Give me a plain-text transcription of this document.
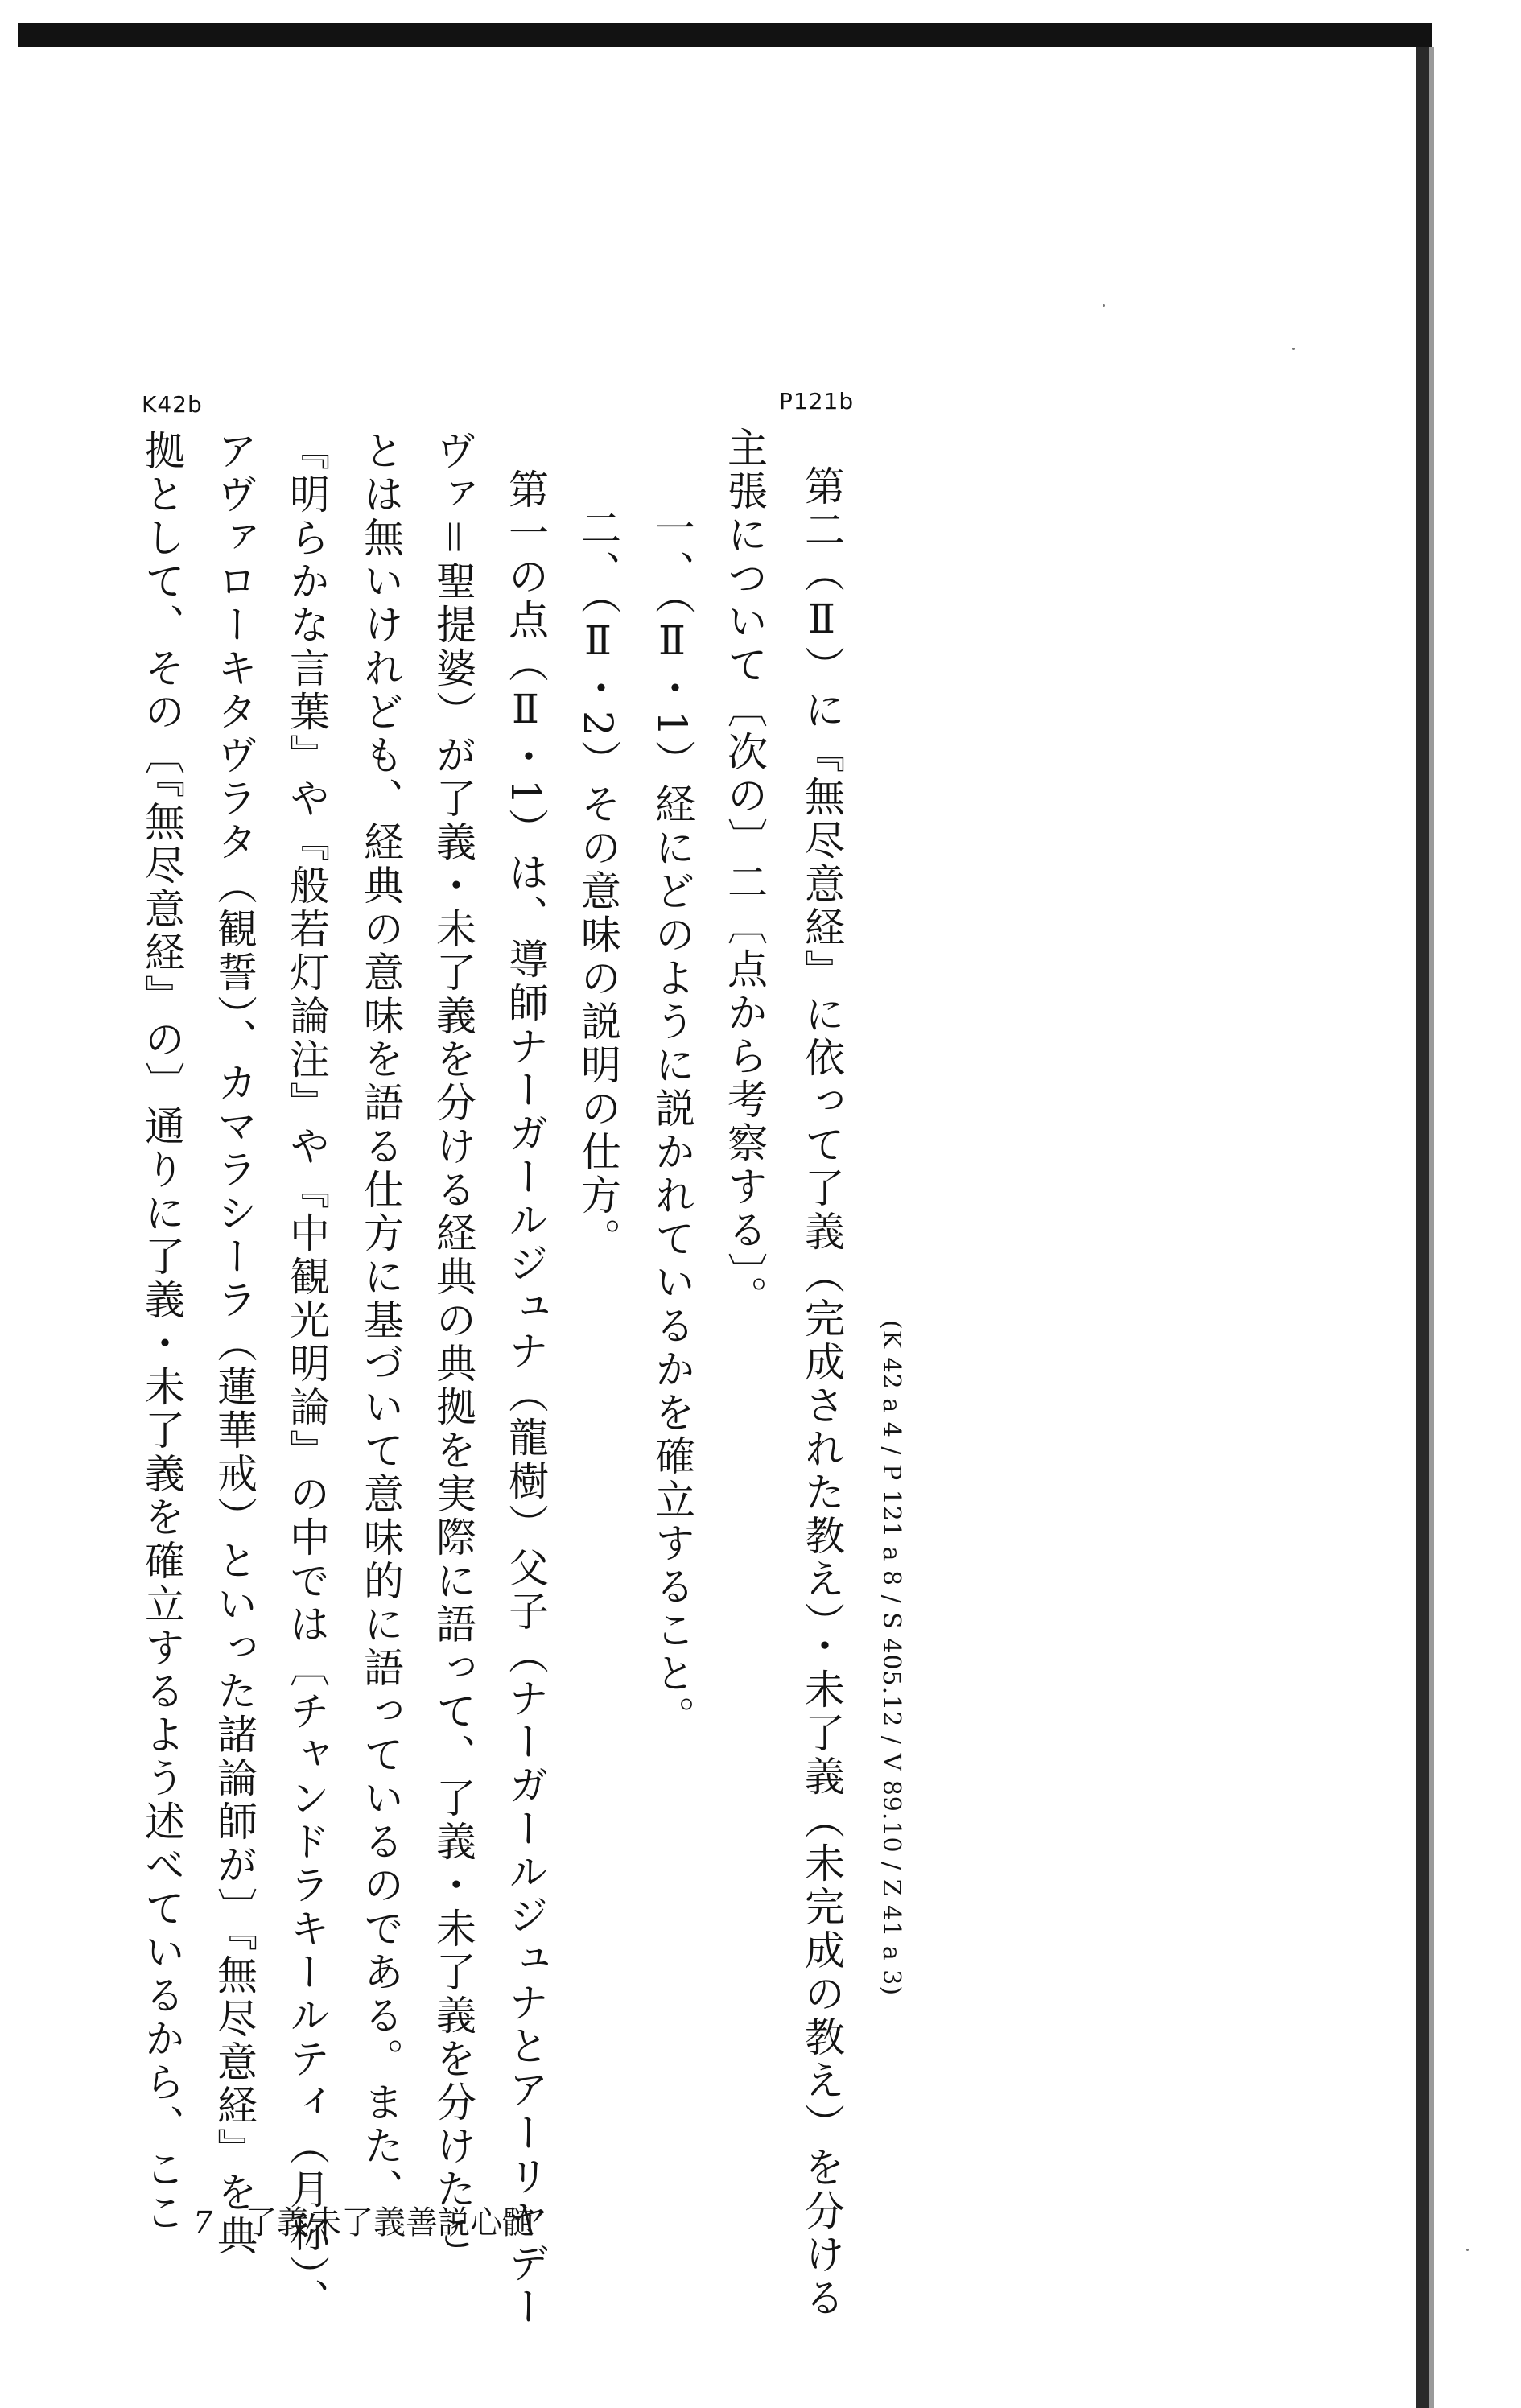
P121b
K42b
(K 42 a 4 / P 121 a 8 / S 405.12 / V 89.10 / Z 41 a 3)
第二（Ⅱ）に『無尽意経』に依って了義（完成された教え）・未了義（未完成の教え）を分ける
主張について〔次の〕二〔点から考察する〕。
一、（Ⅱ・1）経にどのように説かれているかを確立すること。
二、（Ⅱ・2）その意味の説明の仕方。
第一の点（Ⅱ・1）は、導師ナーガールジュナ（龍樹）父子（ナーガールジュナとアーリヤデー
ヴァ＝聖提婆）が了義・未了義を分ける経典の典拠を実際に語って、了義・未了義を分けたこ
とは無いけれども、経典の意味を語る仕方に基づいて意味的に語っているのである。また、
『明らかな言葉』や『般若灯論注』や『中観光明論』の中では〔チャンドラキールティ（月称）、
アヴァローキタヴラタ（観誓）、カマラシーラ（蓮華戒）といった諸論師が〕『無尽意経』を典
拠として、その〔『無尽意経』の〕通りに了義・未了義を確立するよう述べているから、ここ 7 了義未了義善説心髄
